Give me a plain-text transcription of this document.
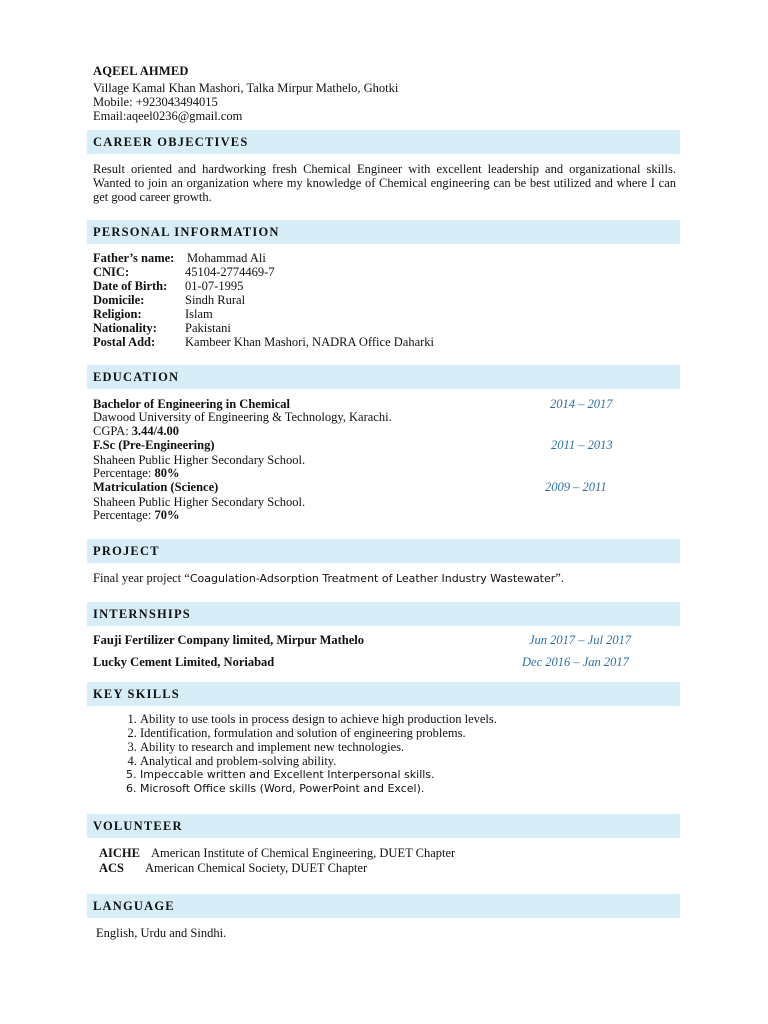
AQEEL AHMED
Village Kamal Khan Mashori, Talka Mirpur Mathelo, Ghotki
Mobile: +923043494015
Email:aqeel0236@gmail.com
CAREER OBJECTIVES
Result oriented and hardworking fresh Chemical Engineer with excellent leadership and organizational skills. Wanted to join an organization where my knowledge of Chemical engineering can be best utilized and where I can get good career growth.
PERSONAL INFORMATION
Father’s name: Mohammad Ali
CNIC:	45104-2774469-7
Date of Birth: 01-07-1995
Domicile:	Sindh Rural
Religion:	Islam
Nationality: Pakistani
Postal Add: Kambeer Khan Mashori, NADRA Office Daharki
EDUCATION
Bachelor of Engineering in Chemical	2014 – 2017
Dawood University of Engineering & Technology, Karachi.
CGPA: 3.44/4.00
F.Sc (Pre-Engineering)	2011 – 2013
Shaheen Public Higher Secondary School.
Percentage: 80%
Matriculation (Science)	2009 – 2011
Shaheen Public Higher Secondary School.
Percentage: 70%
PROJECT
Final year project “Coagulation-Adsorption Treatment of Leather Industry Wastewater”.
INTERNSHIPS
Fauji Fertilizer Company limited, Mirpur Mathelo	Jun 2017 – Jul 2017
Lucky Cement Limited, Noriabad	Dec 2016 – Jan 2017
KEY SKILLS
1. Ability to use tools in process design to achieve high production levels.
2. Identification, formulation and solution of engineering problems.
3. Ability to research and implement new technologies.
4. Analytical and problem-solving ability.
5. Impeccable written and Excellent Interpersonal skills.
6. Microsoft Office skills (Word, PowerPoint and Excel).
VOLUNTEER
AICHE American Institute of Chemical Engineering, DUET Chapter
ACS American Chemical Society, DUET Chapter
LANGUAGE
English, Urdu and Sindhi.
